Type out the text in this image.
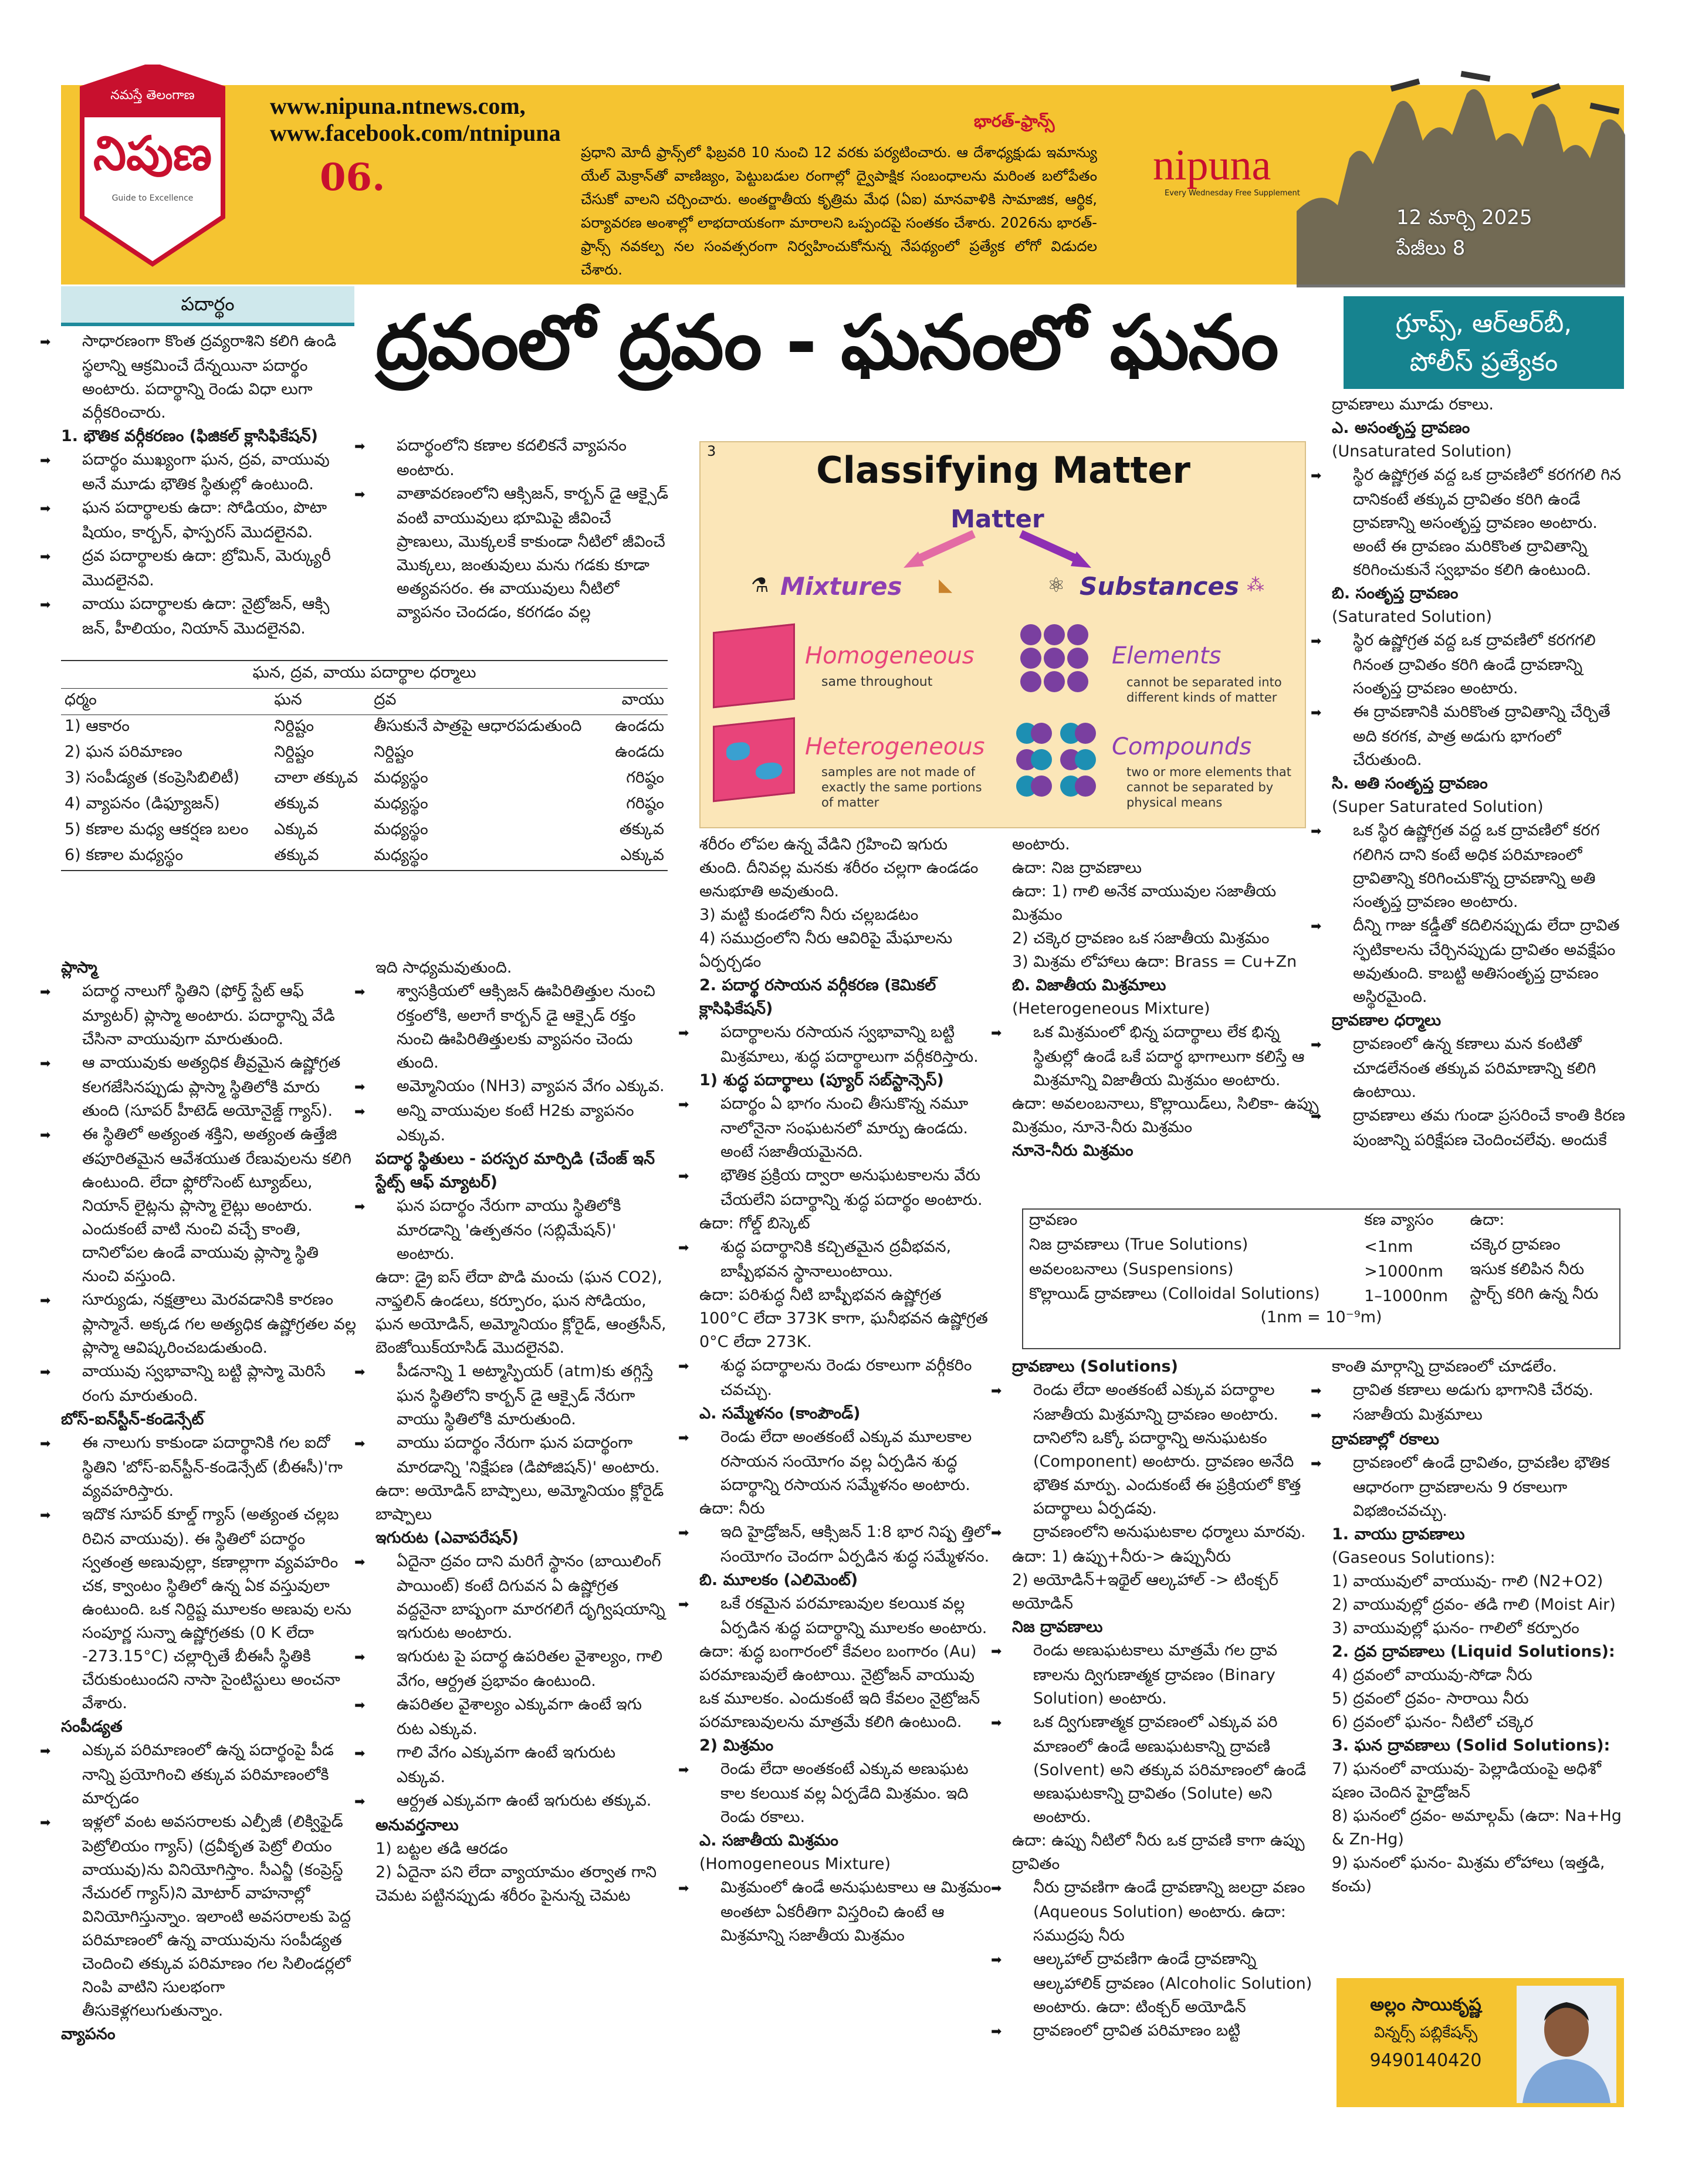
నమస్తే తెలంగాణ
నిపుణ
Guide to Excellence	06.
www.nipuna.ntnews.com,
www.facebook.com/ntnipuna	భారత్‌-ఫ్రాన్స్‌
ప్రధాని మోదీ ఫ్రాన్స్‌లో ఫిబ్రవరి 10 నుంచి 12 వరకు పర్యటించారు. ఆ దేశాధ్యక్షుడు ఇమాన్యు యేల్‌ మెక్రాన్‌తో వాణిజ్యం, పెట్టుబడుల రంగాల్లో ద్వైపాక్షిక సంబంధాలను మరింత బలోపేతం చేసుకో వాలని చర్చించారు. అంతర్జాతీయ కృత్రిమ మేధ (ఏఐ) మానవాళికి సామాజిక, ఆర్థిక, పర్యావరణ అంశాల్లో లాభదాయకంగా మారాలని ఒప్పందపై సంతకం చేశారు. 2026ను భారత్‌-ఫ్రాన్స్‌ నవకల్ప నల సంవత్సరంగా నిర్వహించుకోనున్న నేపథ్యంలో ప్రత్యేక లోగో విడుదల చేశారు.
nipuna
Every Wednesday Free Supplement
12 మార్చి 2025
పేజీలు 8
పదార్థం	ద్రవంలో ద్రవం - ఘనంలో ఘనం	గ్రూప్స్‌, ఆర్‌ఆర్‌బీ,
పోలీస్‌ ప్రత్యేకం

➡ సాధారణంగా కొంత ద్రవ్యరాశిని కలిగి ఉండి స్థలాన్ని ఆక్రమించే దేన్నయినా పదార్థం అంటారు. పదార్థాన్ని రెండు విధా లుగా వర్గీకరించారు.

1. భౌతిక వర్గీకరణం (ఫిజికల్‌ క్లాసిఫికేషన్‌)

➡ పదార్థం ముఖ్యంగా ఘన, ద్రవ, వాయువు అనే మూడు భౌతిక స్థితుల్లో ఉంటుంది.

➡ ఘన పదార్థాలకు ఉదా: సోడియం, పొటా షియం, కార్బన్‌, ఫాస్పరస్‌ మొదలైనవి.

➡ ద్రవ పదార్థాలకు ఉదా: బ్రోమిన్‌, మెర్క్యురీ మొదలైనవి.

➡ వాయు పదార్థాలకు ఉదా: నైట్రోజన్‌, ఆక్సి జన్‌, హీలియం, నియాన్‌ మొదలైనవి.

➡ పదార్థంలోని కణాల కదలికనే వ్యాపనం అంటారు.

➡ వాతావరణంలోని ఆక్సిజన్‌, కార్బన్‌ డై ఆక్సైడ్‌ వంటి వాయువులు భూమిపై జీవించే ప్రాణులు, మొక్కలకే కాకుండా నీటిలో జీవించే మొక్కలు, జంతువులు మను గడకు కూడా అత్యవసరం. ఈ వాయువులు నీటిలో వ్యాపనం చెందడం, కరగడం వల్ల

ఘన, ద్రవ, వాయు పదార్థాల ధర్మాలు
ధర్మం	ఘన	ద్రవ	వాయు
1) ఆకారం	నిర్దిష్టం	తీసుకునే పాత్రపై ఆధారపడుతుంది	ఉండదు
2) ఘన పరిమాణం	నిర్దిష్టం	నిర్దిష్టం	ఉండదు
3) సంపీడ్యత (కంప్రెసిబిలిటీ)	చాలా తక్కువ	మధ్యస్థం	గరిష్ఠం
4) వ్యాపనం (డిఫ్యూజన్‌)	తక్కువ	మధ్యస్థం	గరిష్ఠం
5) కణాల మధ్య ఆకర్షణ బలం	ఎక్కువ	మధ్యస్థం	తక్కువ
6) కణాల మధ్యస్థం	తక్కువ	మధ్యస్థం	ఎక్కువ

ప్లాస్మా

➡ పదార్థ నాలుగో స్థితిని (ఫోర్త్‌ స్టేట్‌ ఆఫ్‌ మ్యాటర్‌) ప్లాస్మా అంటారు. పదార్థాన్ని వేడి చేసినా వాయువుగా మారుతుంది.

➡ ఆ వాయువుకు అత్యధిక తీవ్రమైన ఉష్ణోగ్రత కలగజేసినప్పుడు ప్లాస్మా స్థితిలోకి మారు తుంది (సూపర్‌ హీటెడ్‌ అయోనైజ్డ్‌ గ్యాస్‌).

➡ ఈ స్థితిలో అత్యంత శక్తిని, అత్యంత ఉత్తేజి తపూరితమైన ఆవేశయుత రేణువులను కలిగి ఉంటుంది. లేదా ఫ్లోరోసెంట్‌ ట్యూబ్‌లు, నియాన్‌ లైట్లను ప్లాస్మా లైట్లు అంటారు. ఎందుకంటే వాటి నుంచి వచ్చే కాంతి, దానిలోపల ఉండే వాయువు ప్లాస్మా స్థితి నుంచి వస్తుంది.

➡ సూర్యుడు, నక్షత్రాలు మెరవడానికి కారణం ప్లాస్మానే. అక్కడ గల అత్యధిక ఉష్ణోగ్రతల వల్ల ప్లాస్మా ఆవిష్కరించబడుతుంది.

➡ వాయువు స్వభావాన్ని బట్టి ప్లాస్మా మెరిసే రంగు మారుతుంది.

బోస్‌-ఐన్‌స్టీన్‌-కండెన్సేట్‌

➡ ఈ నాలుగు కాకుండా పదార్థానికి గల ఐదో స్థితిని 'బోస్‌-ఐన్‌స్టీన్‌-కండెన్సేట్‌ (బీఈసీ)'గా వ్యవహరిస్తారు.

➡ ఇదొక సూపర్‌ కూల్డ్‌ గ్యాస్‌ (అత్యంత చల్లబ రిచిన వాయువు). ఈ స్థితిలో పదార్థం స్వతంత్ర అణువుల్లా, కణాల్లాగా వ్యవహరిం చక, క్వాంటం స్థితిలో ఉన్న ఏక వస్తువులా ఉంటుంది. ఒక నిర్దిష్ట మూలకం అణువు లను సంపూర్ణ సున్నా ఉష్ణోగ్రతకు (0 K లేదా -273.15°C) చల్లార్చితే బీఈసీ స్థితికి చేరుకుంటుందని నాసా సైంటిస్టులు అంచనా వేశారు.

సంపీడ్యత

➡ ఎక్కువ పరిమాణంలో ఉన్న పదార్థంపై పీడ నాన్ని ప్రయోగించి తక్కువ పరిమాణంలోకి మార్చడం

➡ ఇళ్లలో వంట అవసరాలకు ఎల్పీజీ (లిక్విఫైడ్‌ పెట్రోలియం గ్యాస్‌) (ద్రవీకృత పెట్రో లియం వాయువు)ను వినియోగిస్తాం. సీఎన్జీ (కంప్రెస్డ్‌ నేచురల్‌ గ్యాస్‌)ని మోటార్‌ వాహనాల్లో వినియోగిస్తున్నాం. ఇలాంటి అవసరాలకు పెద్ద పరిమాణంలో ఉన్న వాయువును సంపీడ్యత చెందించి తక్కువ పరిమాణం గల సిలిండర్లలో నింపి వాటిని సులభంగా తీసుకెళ్లగలుగుతున్నాం.

వ్యాపనం

ఇది సాధ్యమవుతుంది.

➡ శ్వాసక్రియలో ఆక్సిజన్‌ ఊపిరితిత్తుల నుంచి రక్తంలోకి, అలాగే కార్బన్‌ డై ఆక్సైడ్‌ రక్తం నుంచి ఊపిరితిత్తులకు వ్యాపనం చెందు తుంది.

➡ అమ్మోనియం (NH3) వ్యాపన వేగం ఎక్కువ.

➡ అన్ని వాయువుల కంటే H2కు వ్యాపనం ఎక్కువ.

పదార్థ స్థితులు - పరస్పర మార్పిడి (చేంజ్‌ ఇన్‌ స్టేట్స్‌ ఆఫ్‌ మ్యాటర్‌)

➡ ఘన పదార్థం నేరుగా వాయు స్థితిలోకి మారడాన్ని 'ఉత్పతనం (సబ్లిమేషన్‌)' అంటారు.

ఉదా: డ్రై ఐస్‌ లేదా పొడి మంచు (ఘన CO2), నాఫ్తలిన్‌ ఉండలు, కర్పూరం, ఘన సోడియం, ఘన అయోడిన్‌, అమ్మోనియం క్లోరైడ్‌, ఆంత్రసీన్‌, బెంజోయిక్‌యాసిడ్‌ మొదలైనవి.

➡ పీడనాన్ని 1 అట్మాస్ఫియర్‌ (atm)కు తగ్గిస్తే ఘన స్థితిలోని కార్బన్‌ డై ఆక్సైడ్‌ నేరుగా వాయు స్థితిలోకి మారుతుంది.

➡ వాయు పదార్థం నేరుగా ఘన పదార్థంగా మారడాన్ని 'నిక్షేపణ (డిపోజిషన్‌)' అంటారు.

ఉదా: అయోడిన్‌ బాష్పాలు, అమ్మోనియం క్లోరైడ్‌ బాష్పాలు

ఇగురుట (ఎవాపరేషన్‌)

➡ ఏదైనా ద్రవం దాని మరిగే స్థానం (బాయిలింగ్‌ పాయింట్‌) కంటే దిగువన ఏ ఉష్ణోగ్రత వద్దనైనా బాష్పంగా మారగలిగే దృగ్విషయాన్ని ఇగురుట అంటారు.

➡ ఇగురుట పై పదార్థ ఉపరితల వైశాల్యం, గాలి వేగం, ఆర్ద్రత ప్రభావం ఉంటుంది.

➡ ఉపరితల వైశాల్యం ఎక్కువగా ఉంటే ఇగు రుట ఎక్కువ.

➡ గాలి వేగం ఎక్కువగా ఉంటే ఇగురుట ఎక్కువ.

➡ ఆర్ద్రత ఎక్కువగా ఉంటే ఇగురుట తక్కువ.

అనువర్తనాలు

1) బట్టల తడి ఆరడం

2) ఏదైనా పని లేదా వ్యాయామం తర్వాత గాని చెమట పట్టినప్పుడు శరీరం పైనున్న చెమట

3	Classifying Matter
Matter
Mixtures
⚗	◣	Substances
⚛	⁂
Homogeneous
same throughout
Heterogeneous
samples are not made of exactly the same portions of matter
Elements
cannot be separated into different kinds of matter
Compounds
two or more elements that cannot be separated by physical means

శరీరం లోపల ఉన్న వేడిని గ్రహించి ఇగురు తుంది. దీనివల్ల మనకు శరీరం చల్లగా ఉండడం అనుభూతి అవుతుంది.

3) మట్టి కుండలోని నీరు చల్లబడటం

4) సముద్రంలోని నీరు ఆవిరిపై మేఘాలను ఏర్పర్చడం

2. పదార్థ రసాయన వర్గీకరణ (కెమికల్‌ క్లాసిఫికేషన్‌)

➡ పదార్థాలను రసాయన స్వభావాన్ని బట్టి మిశ్రమాలు, శుద్ధ పదార్థాలుగా వర్గీకరిస్తారు.

1) శుద్ధ పదార్థాలు (ప్యూర్‌ సబ్‌స్టాన్సెస్‌)

➡ పదార్థం ఏ భాగం నుంచి తీసుకొన్న నమూ నాలోనైనా సంఘటనలో మార్పు ఉండదు. అంటే సజాతీయమైనది.

➡ భౌతిక ప్రక్రియ ద్వారా అనుఘటకాలను వేరు చేయలేని పదార్థాన్ని శుద్ధ పదార్థం అంటారు.

ఉదా: గోల్డ్‌ బిస్కెట్‌

➡ శుద్ధ పదార్థానికి కచ్చితమైన ద్రవీభవన, బాష్పీభవన స్థానాలుంటాయి.

ఉదా: పరిశుద్ధ నీటి బాష్పీభవన ఉష్ణోగ్రత 100°C లేదా 373K కాగా, ఘనీభవన ఉష్ణోగ్రత 0°C లేదా 273K.

➡ శుద్ధ పదార్థాలను రెండు రకాలుగా వర్గీకరిం చవచ్చు.

ఎ. సమ్మేళనం (కాంపౌండ్‌)

➡ రెండు లేదా అంతకంటే ఎక్కువ మూలకాల రసాయన సంయోగం వల్ల ఏర్పడిన శుద్ధ పదార్థాన్ని రసాయన సమ్మేళనం అంటారు.

ఉదా: నీరు

➡ ఇది హైడ్రోజన్‌, ఆక్సిజన్‌ 1:8 భార నిష్ప త్తిలో సంయోగం చెందగా ఏర్పడిన శుద్ధ సమ్మేళనం.

బి. మూలకం (ఎలిమెంట్‌)

➡ ఒకే రకమైన పరమాణువుల కలయిక వల్ల ఏర్పడిన శుద్ధ పదార్థాన్ని మూలకం అంటారు.

ఉదా: శుద్ధ బంగారంలో కేవలం బంగారం (Au) పరమాణువులే ఉంటాయి. నైట్రోజన్‌ వాయువు ఒక మూలకం. ఎందుకంటే ఇది కేవలం నైట్రోజన్‌ పరమాణువులను మాత్రమే కలిగి ఉంటుంది.

2) మిశ్రమం

➡ రెండు లేదా అంతకంటే ఎక్కువ అణుఘట కాల కలయిక వల్ల ఏర్పడేది మిశ్రమం. ఇది రెండు రకాలు.

ఎ. సజాతీయ మిశ్రమం

(Homogeneous Mixture)

➡ మిశ్రమంలో ఉండే అనుఘటకాలు ఆ మిశ్రమం అంతటా ఏకరీతిగా విస్తరించి ఉంటే ఆ మిశ్రమాన్ని సజాతీయ మిశ్రమం

అంటారు.

ఉదా: నిజ ద్రావణాలు

ఉదా: 1) గాలి అనేక వాయువుల సజాతీయ మిశ్రమం

2) చక్కెర ద్రావణం ఒక సజాతీయ మిశ్రమం

3) మిశ్రమ లోహాలు ఉదా: Brass = Cu+Zn

బి. విజాతీయ మిశ్రమాలు

(Heterogeneous Mixture)

➡ ఒక మిశ్రమంలో భిన్న పదార్థాలు లేక భిన్న స్థితుల్లో ఉండే ఒకే పదార్థ భాగాలుగా కలిస్తే ఆ మిశ్రమాన్ని విజాతీయ మిశ్రమం అంటారు.

ఉదా: అవలంబనాలు, కొల్లాయిడ్‌లు, సిలికా- ఉప్పు మిశ్రమం, నూనె-నీరు మిశ్రమం

నూనె-నీరు మిశ్రమం

ద్రావణాలు మూడు రకాలు.

ఎ. అసంతృప్త ద్రావణం

(Unsaturated Solution)

➡ స్థిర ఉష్ణోగ్రత వద్ద ఒక ద్రావణిలో కరగగలి గిన దానికంటే తక్కువ ద్రావితం కరిగి ఉండే ద్రావణాన్ని అసంతృప్త ద్రావణం అంటారు. అంటే ఈ ద్రావణం మరికొంత ద్రావితాన్ని కరిగించుకునే స్వభావం కలిగి ఉంటుంది.

బి. సంతృప్త ద్రావణం

(Saturated Solution)

➡ స్థిర ఉష్ణోగ్రత వద్ద ఒక ద్రావణిలో కరగగలి గినంత ద్రావితం కరిగి ఉండే ద్రావణాన్ని సంతృప్త ద్రావణం అంటారు.

➡ ఈ ద్రావణానికి మరికొంత ద్రావితాన్ని చేర్చితే అది కరగక, పాత్ర అడుగు భాగంలో చేరుతుంది.

సి. అతి సంతృప్త ద్రావణం

(Super Saturated Solution)

➡ ఒక స్థిర ఉష్ణోగ్రత వద్ద ఒక ద్రావణిలో కరగ గలిగిన దాని కంటే అధిక పరిమాణంలో ద్రావితాన్ని కరిగించుకొన్న ద్రావణాన్ని అతి సంతృప్త ద్రావణం అంటారు.

➡ దీన్ని గాజు కడ్డీతో కదిలినప్పుడు లేదా ద్రావిత స్ఫటికాలను చేర్చినప్పుడు ద్రావితం అవక్షేపం అవుతుంది. కాబట్టి అతిసంతృప్త ద్రావణం అస్థిరమైంది.

ద్రావణాల ధర్మాలు

➡ ద్రావణంలో ఉన్న కణాలు మన కంటితో చూడలేనంత తక్కువ పరిమాణాన్ని కలిగి ఉంటాయి.

➡ ద్రావణాలు తమ గుండా ప్రసరించే కాంతి కిరణ పుంజాన్ని పరిక్షేపణ చెందించలేవు. అందుకే

ద్రావణం	కణ వ్యాసం	ఉదా:
నిజ ద్రావణాలు (True Solutions)	<1nm	చక్కెర ద్రావణం
అవలంబనాలు (Suspensions)	>1000nm	ఇసుక కలిపిన నీరు
కొల్లాయిడ్‌ ద్రావణాలు (Colloidal Solutions)	1–1000nm	స్టార్చ్‌ కరిగి ఉన్న నీరు
(1nm = 10⁻⁹m)

ద్రావణాలు (Solutions)

➡ రెండు లేదా అంతకంటే ఎక్కువ పదార్థాల సజాతీయ మిశ్రమాన్ని ద్రావణం అంటారు. దానిలోని ఒక్కో పదార్థాన్ని అనుఘటకం (Component) అంటారు. ద్రావణం అనేది భౌతిక మార్పు. ఎందుకంటే ఈ ప్రక్రియలో కొత్త పదార్థాలు ఏర్పడవు.

➡ ద్రావణంలోని అనుఘటకాల ధర్మాలు మారవు.

ఉదా: 1) ఉప్పు+నీరు-> ఉప్పునీరు

2) అయోడిన్‌+ఇథైల్‌ ఆల్కహాల్‌ -> టింక్చర్‌ అయోడిన్‌

నిజ ద్రావణాలు

➡ రెండు అణుఘటకాలు మాత్రమే గల ద్రావ ణాలను ద్విగుణాత్మక ద్రావణం (Binary Solution) అంటారు.

➡ ఒక ద్విగుణాత్మక ద్రావణంలో ఎక్కువ పరి మాణంలో ఉండే అణుఘటకాన్ని ద్రావణి (Solvent) అని తక్కువ పరిమాణంలో ఉండే అణుఘటకాన్ని ద్రావితం (Solute) అని అంటారు.

ఉదా: ఉప్పు నీటిలో నీరు ఒక ద్రావణి కాగా ఉప్పు ద్రావితం

➡ నీరు ద్రావణిగా ఉండే ద్రావణాన్ని జలద్రా వణం (Aqueous Solution) అంటారు. ఉదా: సముద్రపు నీరు

➡ ఆల్కహాల్‌ ద్రావణిగా ఉండే ద్రావణాన్ని ఆల్కహాలిక్‌ ద్రావణం (Alcoholic Solution) అంటారు. ఉదా: టింక్చర్‌ అయోడిన్‌

➡ ద్రావణంలో ద్రావిత పరిమాణం బట్టి

కాంతి మార్గాన్ని ద్రావణంలో చూడలేం.

➡ ద్రావిత కణాలు అడుగు భాగానికి చేరవు.

➡ సజాతీయ మిశ్రమాలు

ద్రావణాల్లో రకాలు

➡ ద్రావణంలో ఉండే ద్రావితం, ద్రావణిల భౌతిక ఆధారంగా ద్రావణాలను 9 రకాలుగా విభజించవచ్చు.

1. వాయు ద్రావణాలు

(Gaseous Solutions):

1) వాయువులో వాయువు- గాలి (N2+O2)

2) వాయువుల్లో ద్రవం- తడి గాలి (Moist Air)

3) వాయువుల్లో ఘనం- గాలిలో కర్పూరం

2. ద్రవ ద్రావణాలు (Liquid Solutions):

4) ద్రవంలో వాయువు-సోడా నీరు

5) ద్రవంలో ద్రవం- సారాయి నీరు

6) ద్రవంలో ఘనం- నీటిలో చక్కెర

3. ఘన ద్రావణాలు (Solid Solutions):

7) ఘనంలో వాయువు- పెల్లాడియంపై అధిశో షణం చెందిన హైడ్రోజన్‌

8) ఘనంలో ద్రవం- అమాల్గమ్‌ (ఉదా: Na+Hg & Zn-Hg)

9) ఘనంలో ఘనం- మిశ్రమ లోహాలు (ఇత్తడి, కంచు)

అల్లం సాయికృష్ణ
విన్నర్స్‌ పబ్లికేషన్స్‌
9490140420
